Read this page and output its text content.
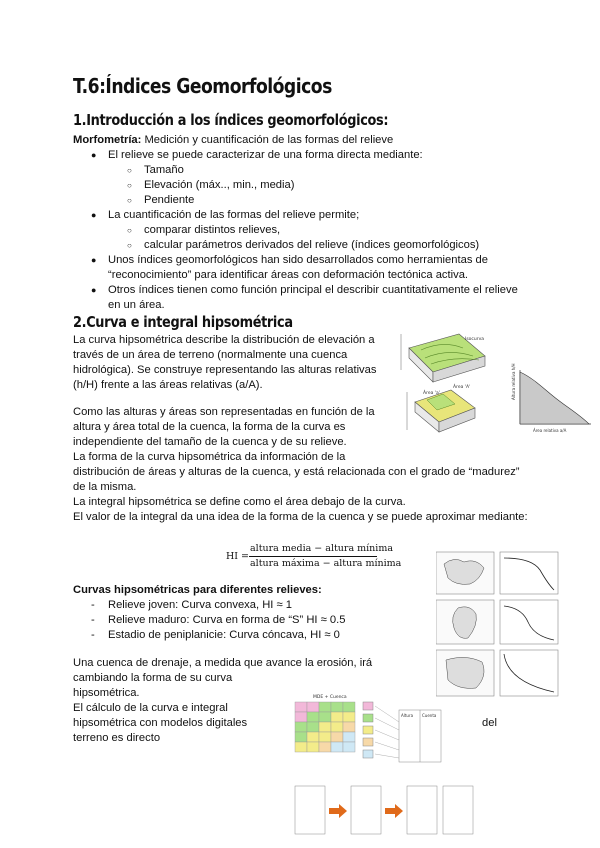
T.6:Índices Geomorfológicos
1.Introducción a los índices geomorfológicos:
Morfometría: Medición y cuantificación de las formas del relieve
● El relieve se puede caracterizar de una forma directa mediante:
○ Tamaño
○ Elevación (máx.., min., media)
○ Pendiente
● La cuantificación de las formas del relieve permite;
○ comparar distintos relieves,
○ calcular parámetros derivados del relieve (índices geomorfológicos)
● Unos índices geomorfológicos han sido desarrollados como herramientas de
“reconocimiento” para identificar áreas con deformación tectónica activa.
● Otros índices tienen como función principal el describir cuantitativamente el relieve
en un área.
2.Curva e integral hipsométrica
La curva hipsométrica describe la distribución de elevación a
través de un área de terreno (normalmente una cuenca
hidrológica). Se construye representando las alturas relativas
(h/H) frente a las áreas relativas (a/A).
Como las alturas y áreas son representadas en función de la
altura y área total de la cuenca, la forma de la curva es
independiente del tamaño de la cuenca y de su relieve.
La forma de la curva hipsométrica da información de la
distribución de áreas y alturas de la cuenca, y está relacionada con el grado de “madurez”
de la misma.
La integral hipsométrica se define como el área debajo de la curva.
El valor de la integral da una idea de la forma de la cuenca y se puede aproximar mediante:
HI =
altura media − altura mínima
altura máxima − altura mínima
Curvas hipsométricas para diferentes relieves:
- Relieve joven: Curva convexa, HI ≈ 1
- Relieve maduro: Curva en forma de “S” HI ≈ 0.5
- Estadio de peniplanicie: Curva cóncava, HI ≈ 0
Una cuenca de drenaje, a medida que avance la erosión, irá
cambiando la forma de su curva
hipsométrica.
El cálculo de la curva e integral
hipsométrica con modelos digitales
terreno es directo
del
Isocurva
Área 'a'
Área 'A'	Altura relativa h/H
Área relativa a/A
MDE + Cuenca
Altura Cuenta
